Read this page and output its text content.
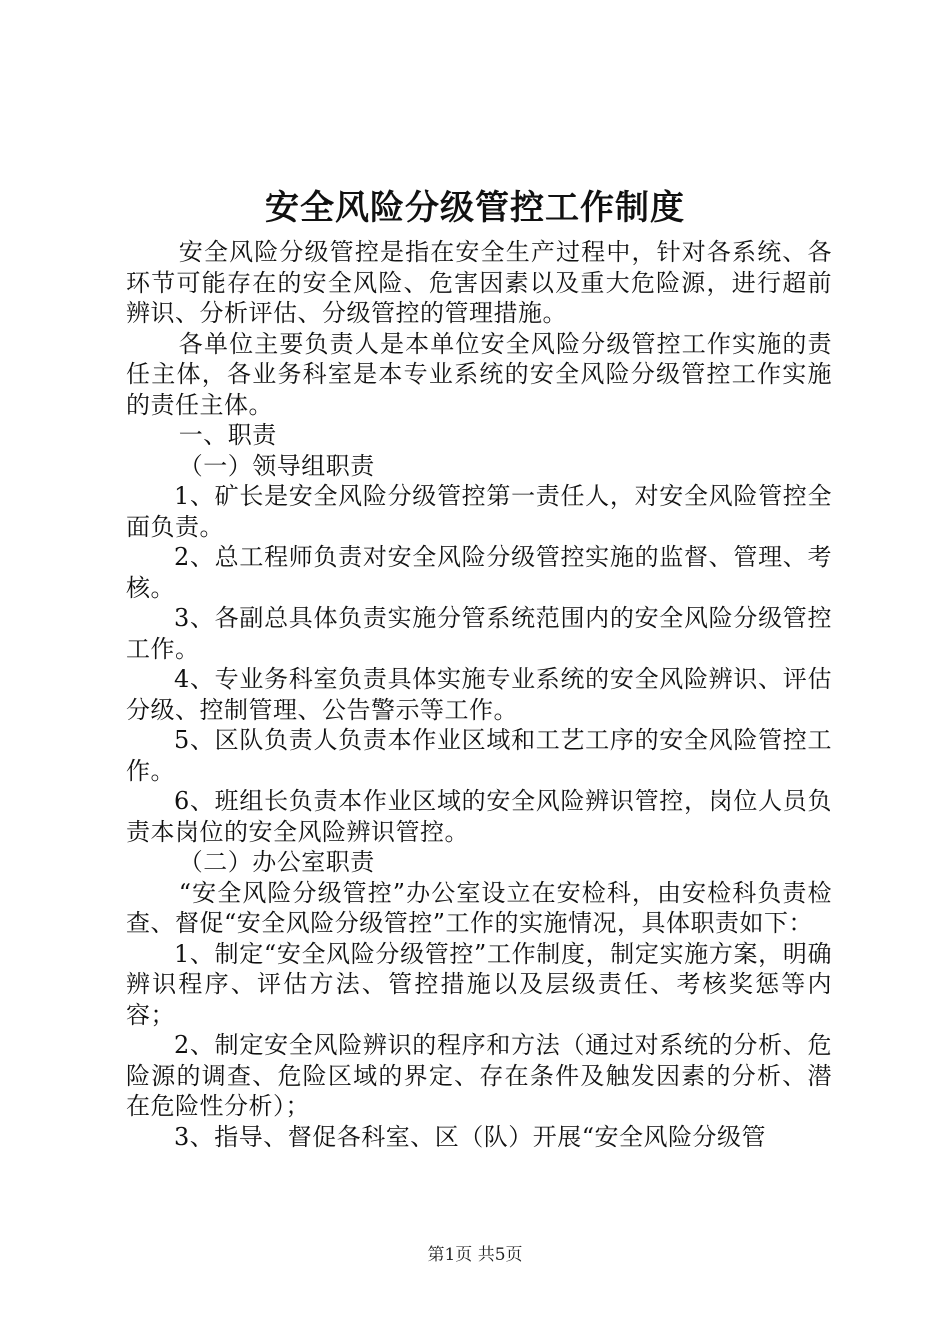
安全风险分级管控工作制度

安全风险分级管控是指在安全生产过程中，针对各系统、各环节可能存在的安全风险、危害因素以及重大危险源，进行超前辨识、分析评估、分级管控的管理措施。

各单位主要负责人是本单位安全风险分级管控工作实施的责任主体，各业务科室是本专业系统的安全风险分级管控工作实施的责任主体。

一、职责

（一）领导组职责

1、矿长是安全风险分级管控第一责任人，对安全风险管控全面负责。

2、总工程师负责对安全风险分级管控实施的监督、管理、考核。

3、各副总具体负责实施分管系统范围内的安全风险分级管控工作。

4、专业务科室负责具体实施专业系统的安全风险辨识、评估分级、控制管理、公告警示等工作。

5、区队负责人负责本作业区域和工艺工序的安全风险管控工作。

6、班组长负责本作业区域的安全风险辨识管控，岗位人员负责本岗位的安全风险辨识管控。

（二）办公室职责

“安全风险分级管控”办公室设立在安检科，由安检科负责检查、督促“安全风险分级管控”工作的实施情况，具体职责如下：

1、制定“安全风险分级管控”工作制度，制定实施方案，明确辨识程序、评估方法、管控措施以及层级责任、考核奖惩等内容；

2、制定安全风险辨识的程序和方法（通过对系统的分析、危险源的调查、危险区域的界定、存在条件及触发因素的分析、潜在危险性分析）；

3、指导、督促各科室、区（队）开展“安全风险分级管

第1页 共5页
